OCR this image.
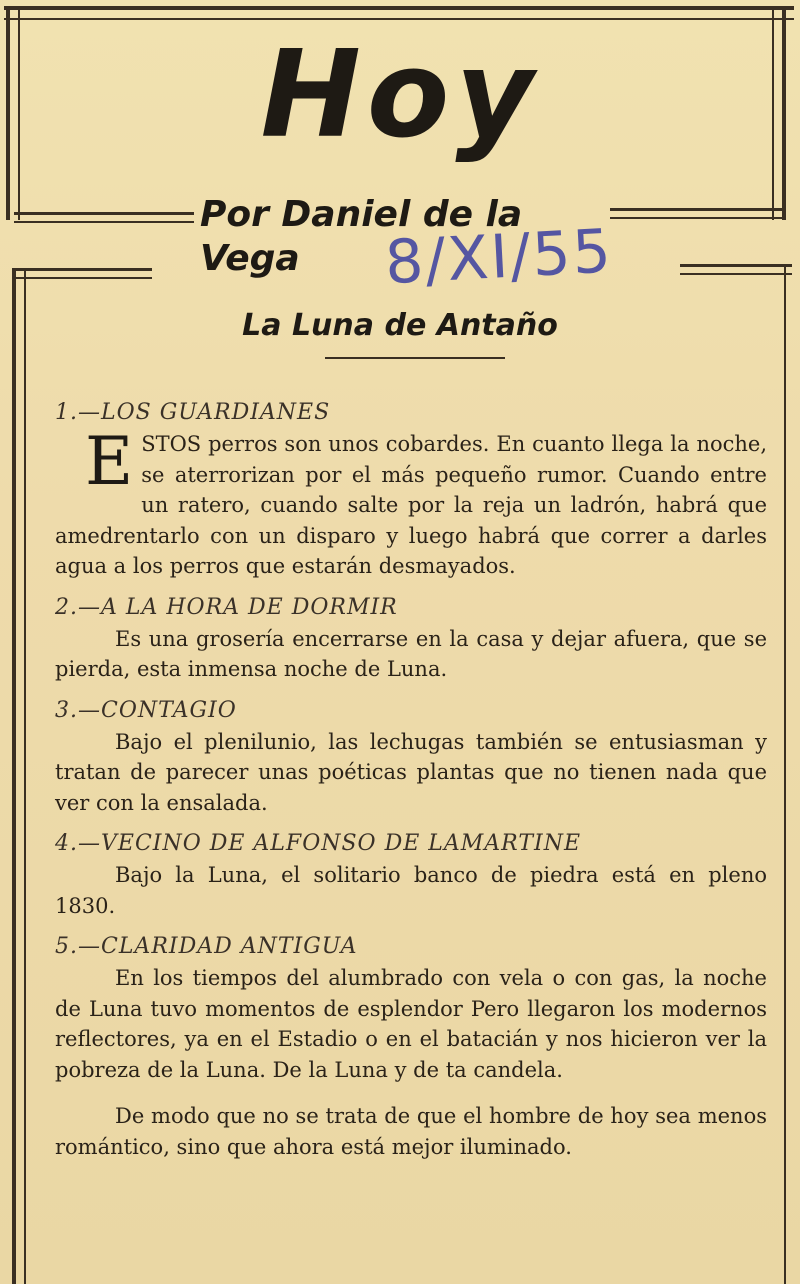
Hoy
Por Daniel de la Vega	8/XI/55
La Luna de Antaño
1.—LOS GUARDIANES

ESTOS perros son unos cobardes. En cuanto llega la noche, se aterrorizan por el más pequeño rumor. Cuando entre un ratero, cuando salte por la reja un ladrón, habrá que amedrentarlo con un disparo y luego habrá que correr a darles agua a los perros que estarán desmayados.

2.—A LA HORA DE DORMIR

Es una grosería encerrarse en la casa y dejar afuera, que se pierda, esta inmensa noche de Luna.

3.—CONTAGIO

Bajo el plenilunio, las lechugas también se entusiasman y tratan de parecer unas poéticas plantas que no tienen nada que ver con la ensalada.

4.—VECINO DE ALFONSO DE LAMARTINE

Bajo la Luna, el solitario banco de piedra está en pleno 1830.

5.—CLARIDAD ANTIGUA

En los tiempos del alumbrado con vela o con gas, la noche de Luna tuvo momentos de esplendor Pero llegaron los modernos reflectores, ya en el Estadio o en el batacián y nos hicieron ver la pobreza de la Luna. De la Luna y de ta candela.

De modo que no se trata de que el hombre de hoy sea menos romántico, sino que ahora está mejor iluminado.
